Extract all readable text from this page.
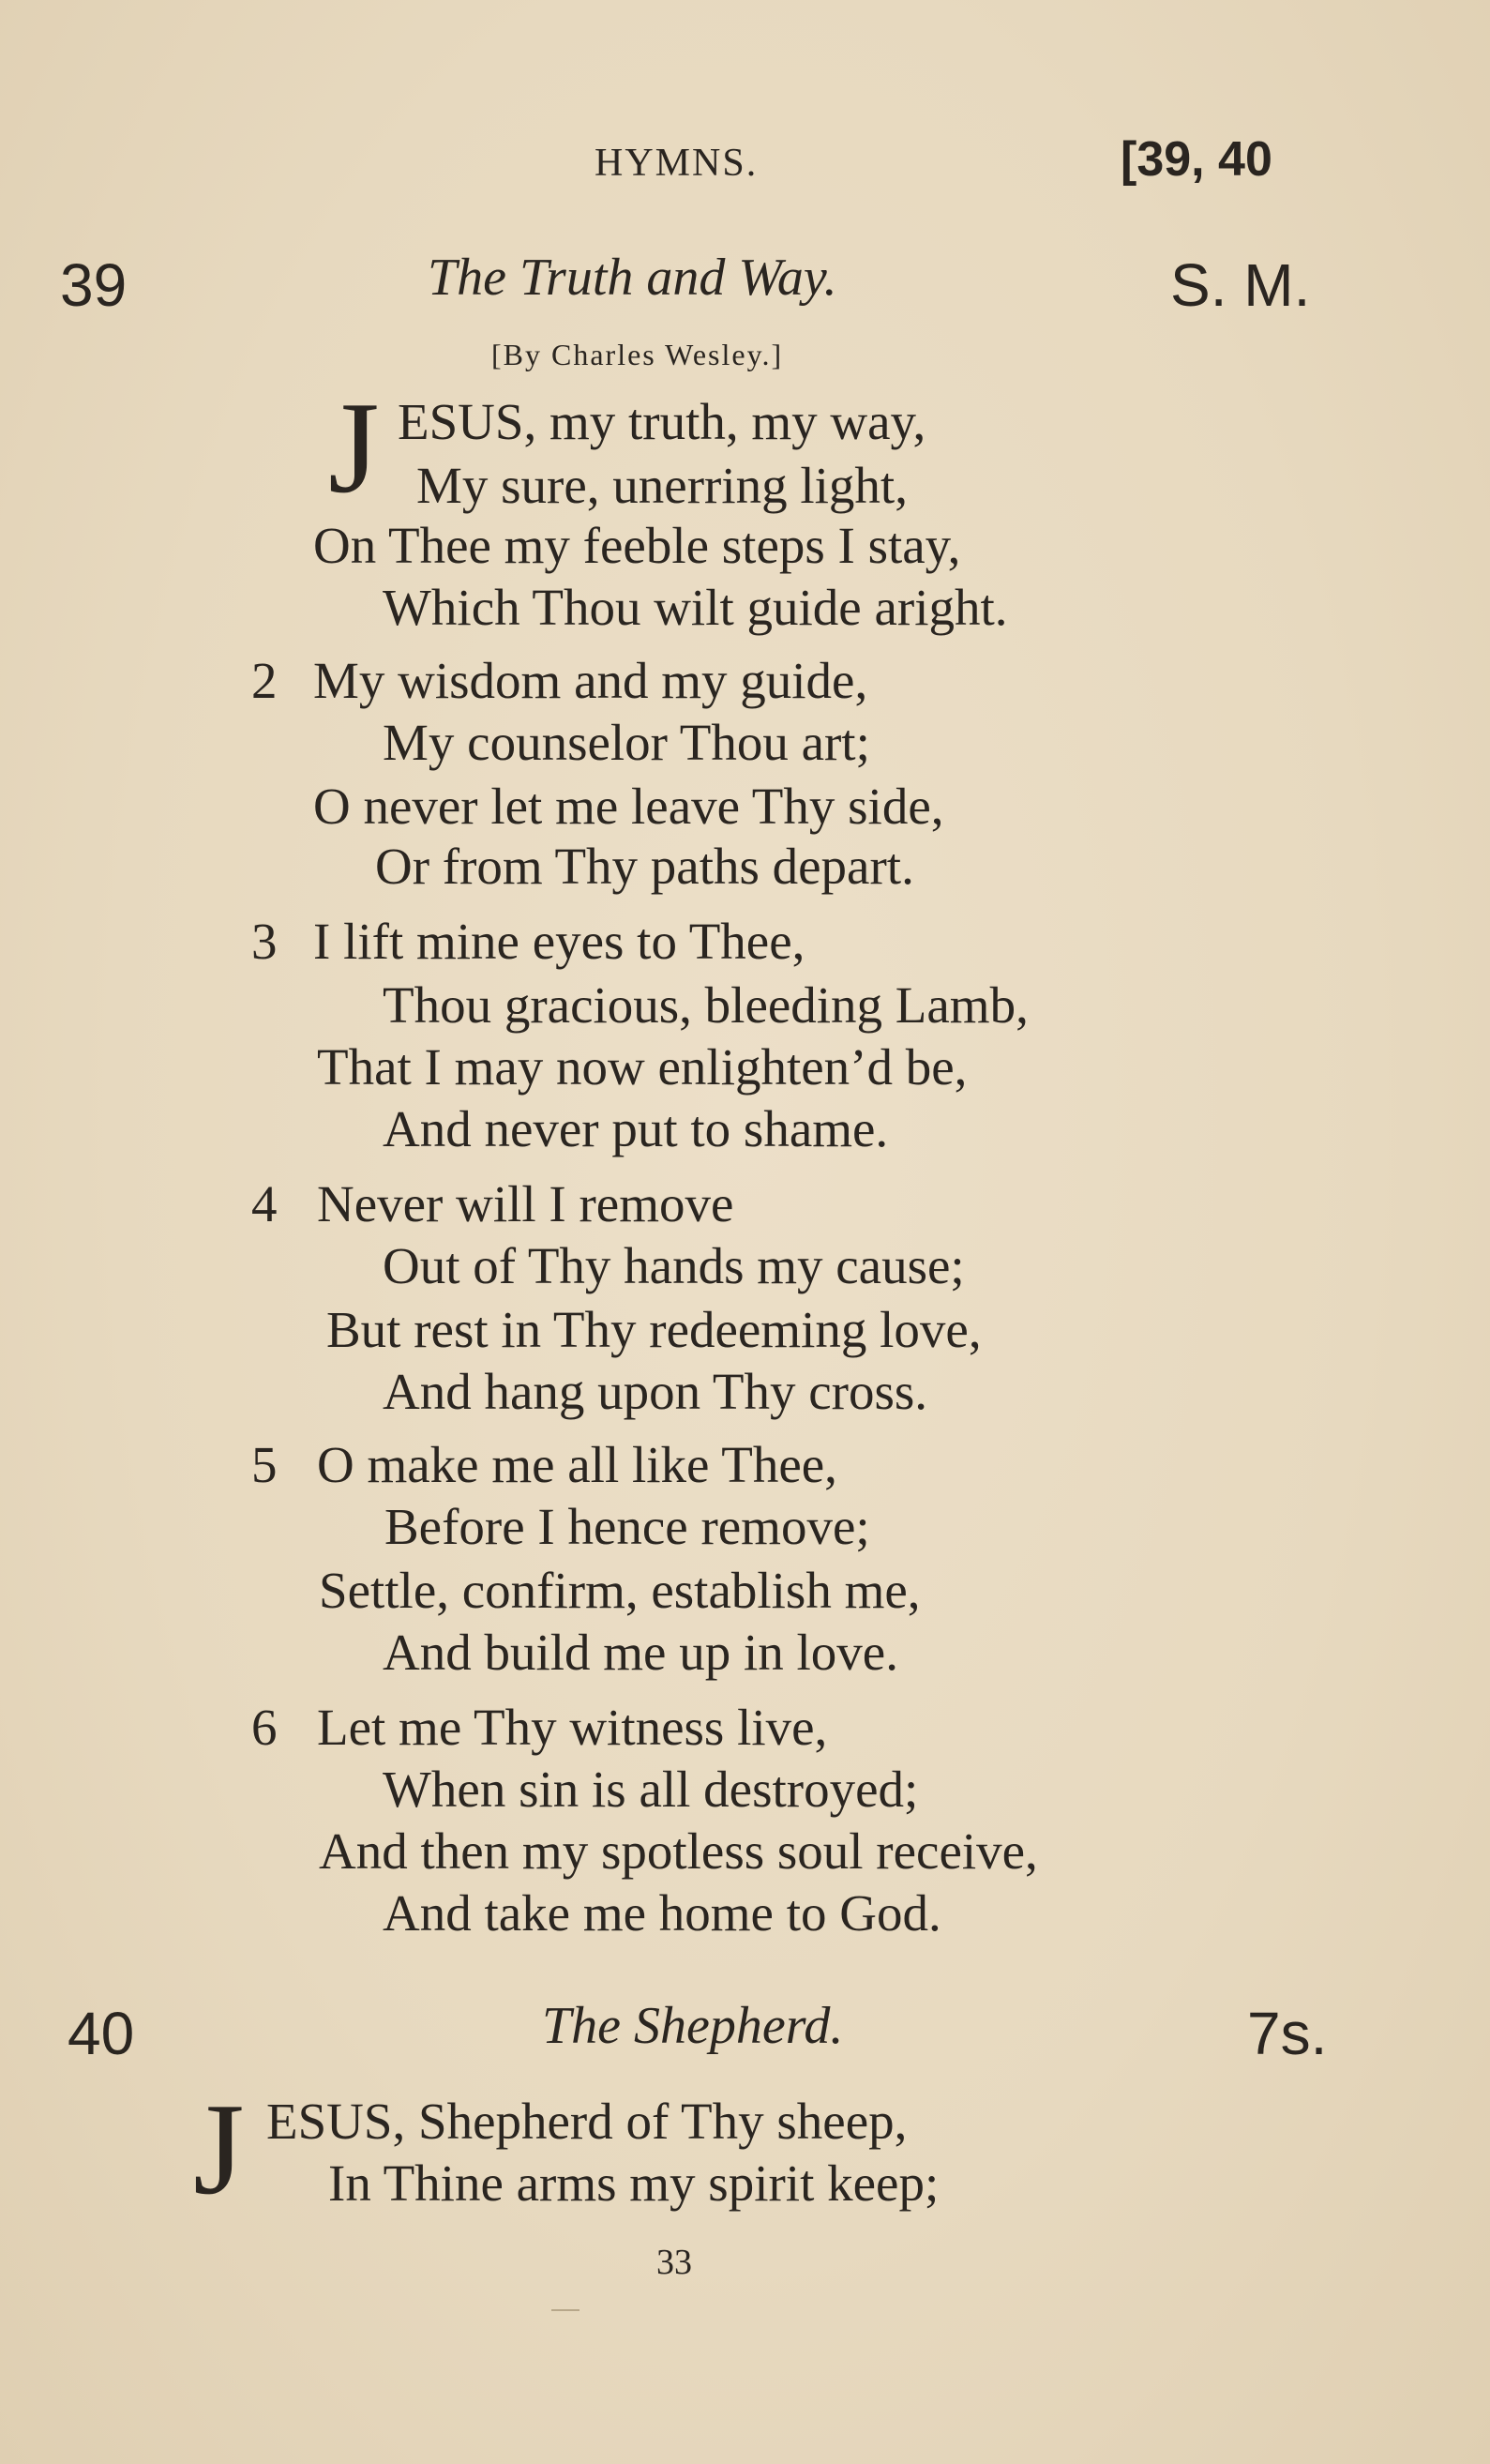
HYMNS.	[39, 40
39	The Truth and Way.	S. M.
[By Charles Wesley.]
J ESUS, my truth, my way,
My sure, unerring light,
On Thee my feeble steps I stay,
Which Thou wilt guide aright.
2 My wisdom and my guide,
My counselor Thou art;
O never let me leave Thy side,
Or from Thy paths depart.
3 I lift mine eyes to Thee,
Thou gracious, bleeding Lamb,
That I may now enlighten’d be,
And never put to shame.
4 Never will I remove
Out of Thy hands my cause;
But rest in Thy redeeming love,
And hang upon Thy cross.
5 O make me all like Thee,
Before I hence remove;
Settle, confirm, establish me,
And build me up in love.
6 Let me Thy witness live,
When sin is all destroyed;
And then my spotless soul receive,
And take me home to God.
40	The Shepherd.	7s.
J ESUS, Shepherd of Thy sheep,
In Thine arms my spirit keep;
33
